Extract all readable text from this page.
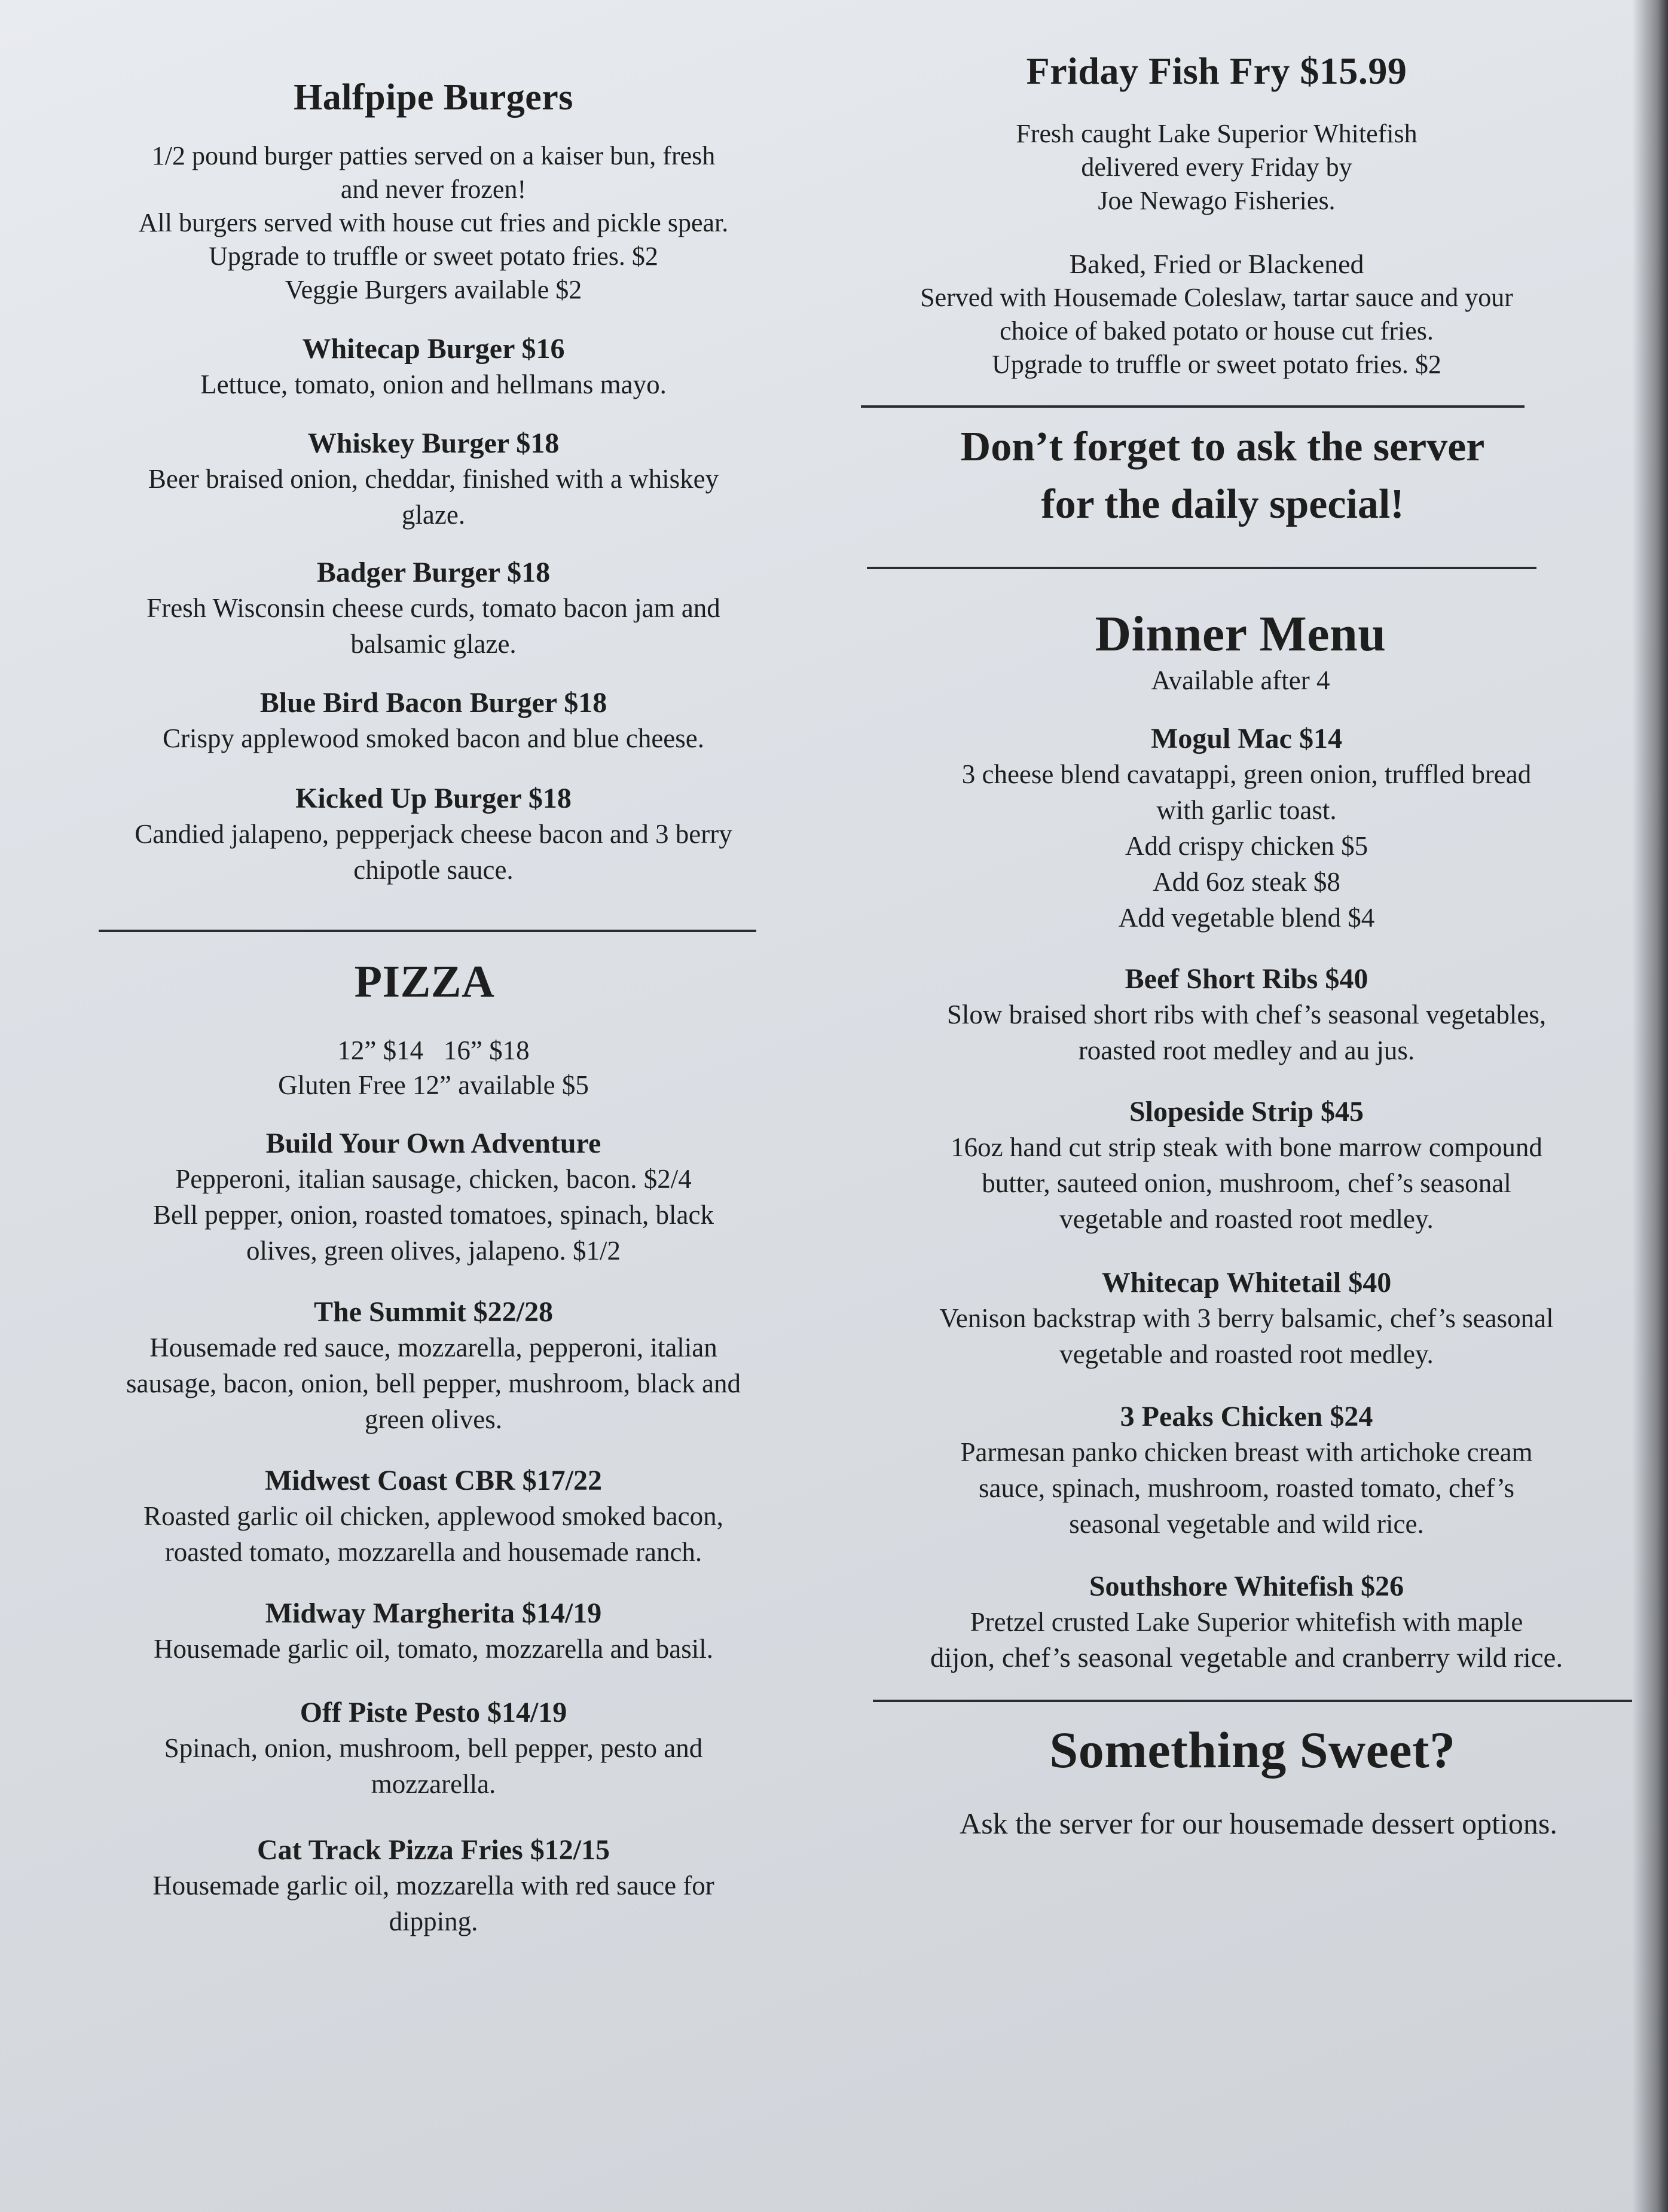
Halfpipe Burgers

1/2 pound burger patties served on a kaiser bun, fresh

and never frozen!

All burgers served with house cut fries and pickle spear.

Upgrade to truffle or sweet potato fries. $2

Veggie Burgers available $2

Whitecap Burger $16

Lettuce, tomato, onion and hellmans mayo.

Whiskey Burger $18

Beer braised onion, cheddar, finished with a whiskey

glaze.

Badger Burger $18

Fresh Wisconsin cheese curds, tomato bacon jam and

balsamic glaze.

Blue Bird Bacon Burger $18

Crispy applewood smoked bacon and blue cheese.

Kicked Up Burger $18

Candied jalapeno, pepperjack cheese bacon and 3 berry

chipotle sauce.

PIZZA

12” $14   16” $18

Gluten Free 12” available $5

Build Your Own Adventure

Pepperoni, italian sausage, chicken, bacon. $2/4

Bell pepper, onion, roasted tomatoes, spinach, black

olives, green olives, jalapeno. $1/2

The Summit $22/28

Housemade red sauce, mozzarella, pepperoni, italian

sausage, bacon, onion, bell pepper, mushroom, black and

green olives.

Midwest Coast CBR $17/22

Roasted garlic oil chicken, applewood smoked bacon,

roasted tomato, mozzarella and housemade ranch.

Midway Margherita $14/19

Housemade garlic oil, tomato, mozzarella and basil.

Off Piste Pesto $14/19

Spinach, onion, mushroom, bell pepper, pesto and

mozzarella.

Cat Track Pizza Fries $12/15

Housemade garlic oil, mozzarella with red sauce for

dipping.

Friday Fish Fry $15.99

Fresh caught Lake Superior Whitefish

delivered every Friday by

Joe Newago Fisheries.

Baked, Fried or Blackened

Served with Housemade Coleslaw, tartar sauce and your

choice of baked potato or house cut fries.

Upgrade to truffle or sweet potato fries. $2

Don’t forget to ask the server

for the daily special!

Dinner Menu

Available after 4

Mogul Mac $14

3 cheese blend cavatappi, green onion, truffled bread

with garlic toast.

Add crispy chicken $5

Add 6oz steak $8

Add vegetable blend $4

Beef Short Ribs $40

Slow braised short ribs with chef’s seasonal vegetables,

roasted root medley and au jus.

Slopeside Strip $45

16oz hand cut strip steak with bone marrow compound

butter, sauteed onion, mushroom, chef’s seasonal

vegetable and roasted root medley.

Whitecap Whitetail $40

Venison backstrap with 3 berry balsamic, chef’s seasonal

vegetable and roasted root medley.

3 Peaks Chicken $24

Parmesan panko chicken breast with artichoke cream

sauce, spinach, mushroom, roasted tomato, chef’s

seasonal vegetable and wild rice.

Southshore Whitefish $26

Pretzel crusted Lake Superior whitefish with maple

dijon, chef’s seasonal vegetable and cranberry wild rice.

Something Sweet?

Ask the server for our housemade dessert options.
